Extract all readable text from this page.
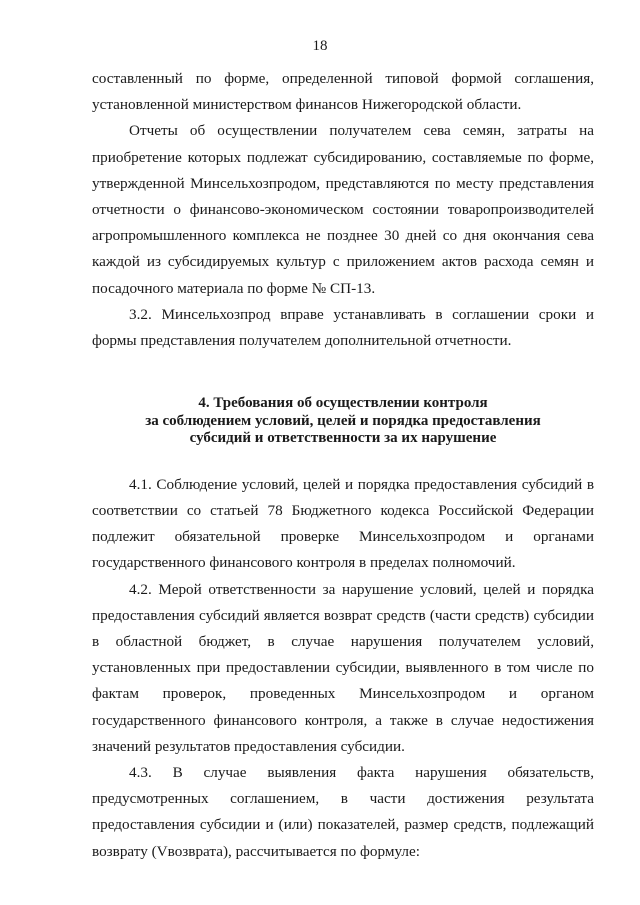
18

составленный по форме, определенной типовой формой соглашения, установленной министерством финансов Нижегородской области.

Отчеты об осуществлении получателем сева семян, затраты на приобретение которых подлежат субсидированию, составляемые по форме, утвержденной Минсельхозпродом, представляются по месту представления отчетности о финансово-экономическом состоянии товаропроизводителей агропромышленного комплекса не позднее 30 дней со дня окончания сева каждой из субсидируемых культур с приложением актов расхода семян и посадочного материала по форме № СП-13.

3.2. Минсельхозпрод вправе устанавливать в соглашении сроки и формы представления получателем дополнительной отчетности.

4. Требования об осуществлении контроля

за соблюдением условий, целей и порядка предоставления

субсидий и ответственности за их нарушение

4.1. Соблюдение условий, целей и порядка предоставления субсидий в соответствии со статьей 78 Бюджетного кодекса Российской Федерации подлежит обязательной проверке Минсельхозпродом и органами государственного финансового контроля в пределах полномочий.

4.2. Мерой ответственности за нарушение условий, целей и порядка предоставления субсидий является возврат средств (части средств) субсидии в областной бюджет, в случае нарушения получателем условий, установленных при предоставлении субсидии, выявленного в том числе по фактам проверок, проведенных Минсельхозпродом и органом государственного финансового контроля, а также в случае недостижения значений результатов предоставления субсидии.

4.3. В случае выявления факта нарушения обязательств, предусмотренных соглашением, в части достижения результата предоставления субсидии и (или) показателей, размер средств, подлежащий возврату (Vвозврата), рассчитывается по формуле:
